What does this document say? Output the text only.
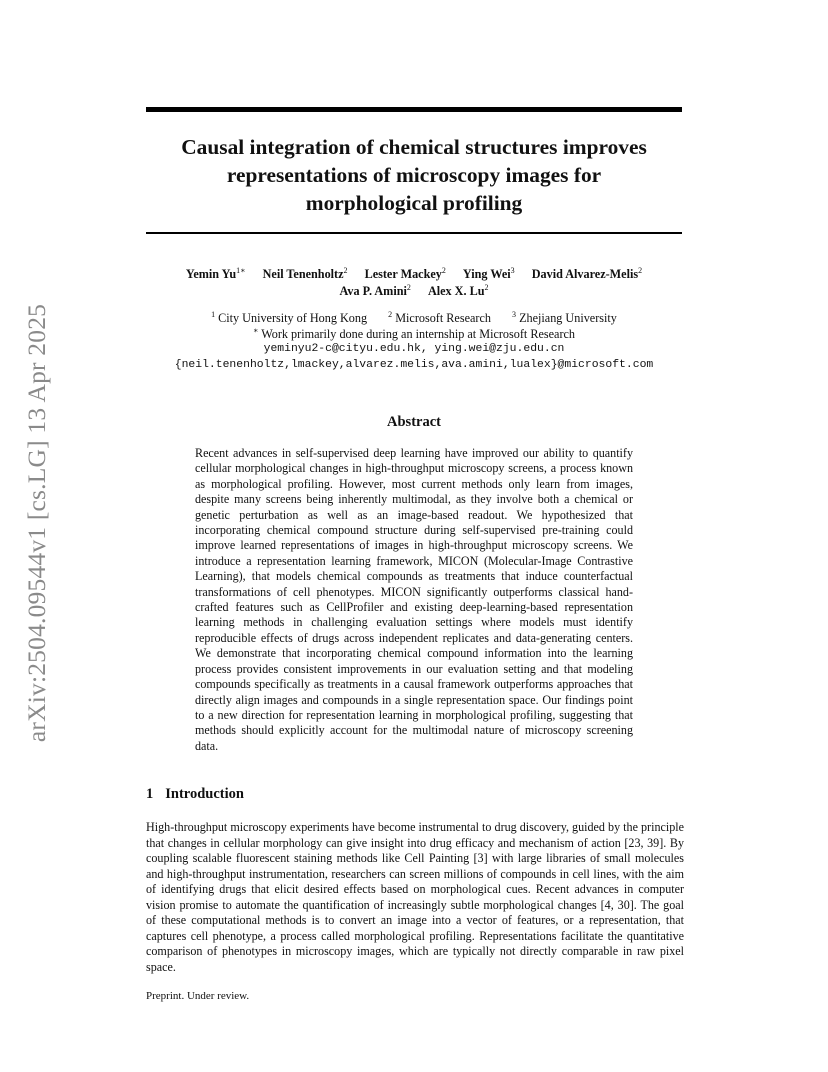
arXiv:2504.09544v1 [cs.LG] 13 Apr 2025
Causal integration of chemical structures improves
representations of microscopy images for
morphological profiling
Yemin $Yu^{1∗}$ Neil Tenenholtz$^2$ Lester Mackey$^2$ Ying Wei$^3$ David Alvarez-Melis$^2$
Ava P. Amini$^2$ Alex X. Lu$^2$
$^1$ City University of Hong Kong	$^2$ Microsoft Research	$^3$ Zhejiang University
∗ Work primarily done during an internship at Microsoft Research
yeminyu2-c@cityu.edu.hk, ying.wei@zju.edu.cn
{neil.tenenholtz,lmackey,alvarez.melis,ava.amini,lualex}@microsoft.com
Abstract

Recent advances in self-supervised deep learning have improved our ability to quantify cellular morphological changes in high-throughput microscopy screens, a process known as morphological profiling. However, most current methods only learn from images, despite many screens being inherently multimodal, as they involve both a chemical or genetic perturbation as well as an image-based readout. We hypothesized that incorporating chemical compound structure during self-supervised pre-training could improve learned representations of images in high-throughput microscopy screens. We introduce a representation learning framework, MICON (Molecular-Image Contrastive Learning), that models chemical compounds as treatments that induce counterfactual transformations of cell phenotypes. MICON significantly outperforms classical hand-crafted features such as CellProfiler and existing deep-learning-based representation learning methods in challenging evaluation settings where models must identify reproducible effects of drugs across independent replicates and data-generating centers. We demonstrate that incorporating chemical compound information into the learning process provides consistent improvements in our evaluation setting and that modeling compounds specifically as treatments in a causal framework outperforms approaches that directly align images and compounds in a single representation space. Our findings point to a new direction for representation learning in morphological profiling, suggesting that methods should explicitly account for the multimodal nature of microscopy screening data.

1 Introduction

High-throughput microscopy experiments have become instrumental to drug discovery, guided by the principle that changes in cellular morphology can give insight into drug efficacy and mechanism of action [23, 39]. By coupling scalable fluorescent staining methods like Cell Painting [3] with large libraries of small molecules and high-throughput instrumentation, researchers can screen millions of compounds in cell lines, with the aim of identifying drugs that elicit desired effects based on morphological cues. Recent advances in computer vision promise to automate the quantification of increasingly subtle morphological changes [4, 30]. The goal of these computational methods is to convert an image into a vector of features, or a representation, that captures cell phenotype, a process called morphological profiling. Representations facilitate the quantitative comparison of phenotypes in microscopy images, which are typically not directly comparable in raw pixel space.

Preprint. Under review.
